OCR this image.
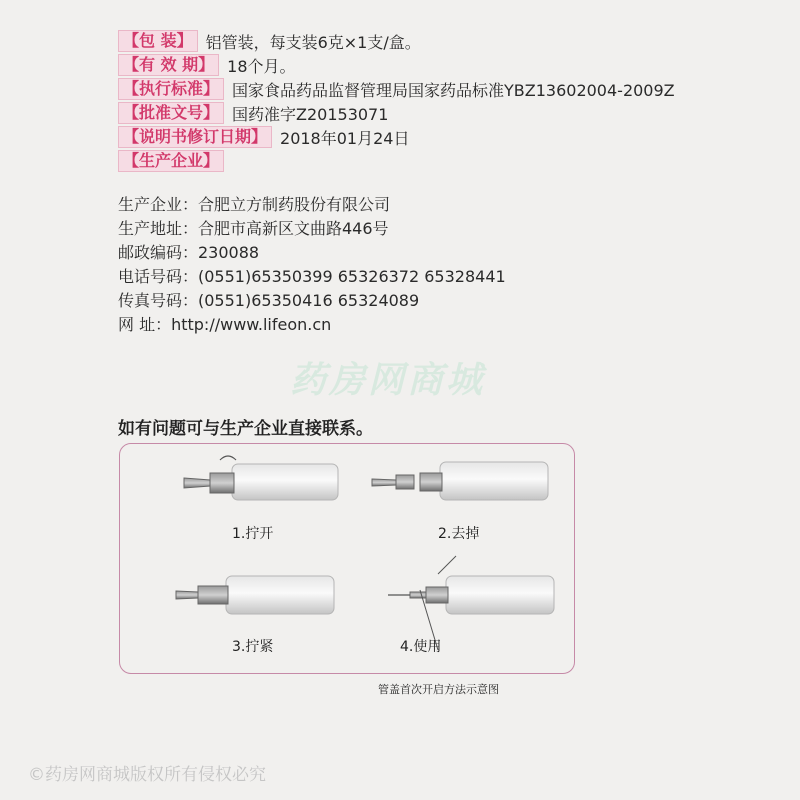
药房网商城
【包 装】 铝管装，每支装6克×1支/盒。
【有 效 期】 18个月。
【执行标准】 国家食品药品监督管理局国家药品标准YBZ13602004-2009Z
【批准文号】 国药准字Z20153071
【说明书修订日期】 2018年01月24日
【生产企业】
生产企业：合肥立方制药股份有限公司
生产地址：合肥市高新区文曲路446号
邮政编码：230088
电话号码：(0551)65350399 65326372 65328441
传真号码：(0551)65350416 65324089
网 址：http://www.lifeon.cn
如有问题可与生产企业直接联系。
1.拧开	2.去掉
3.拧紧	4.使用
管盖首次开启方法示意图
©药房网商城版权所有侵权必究
